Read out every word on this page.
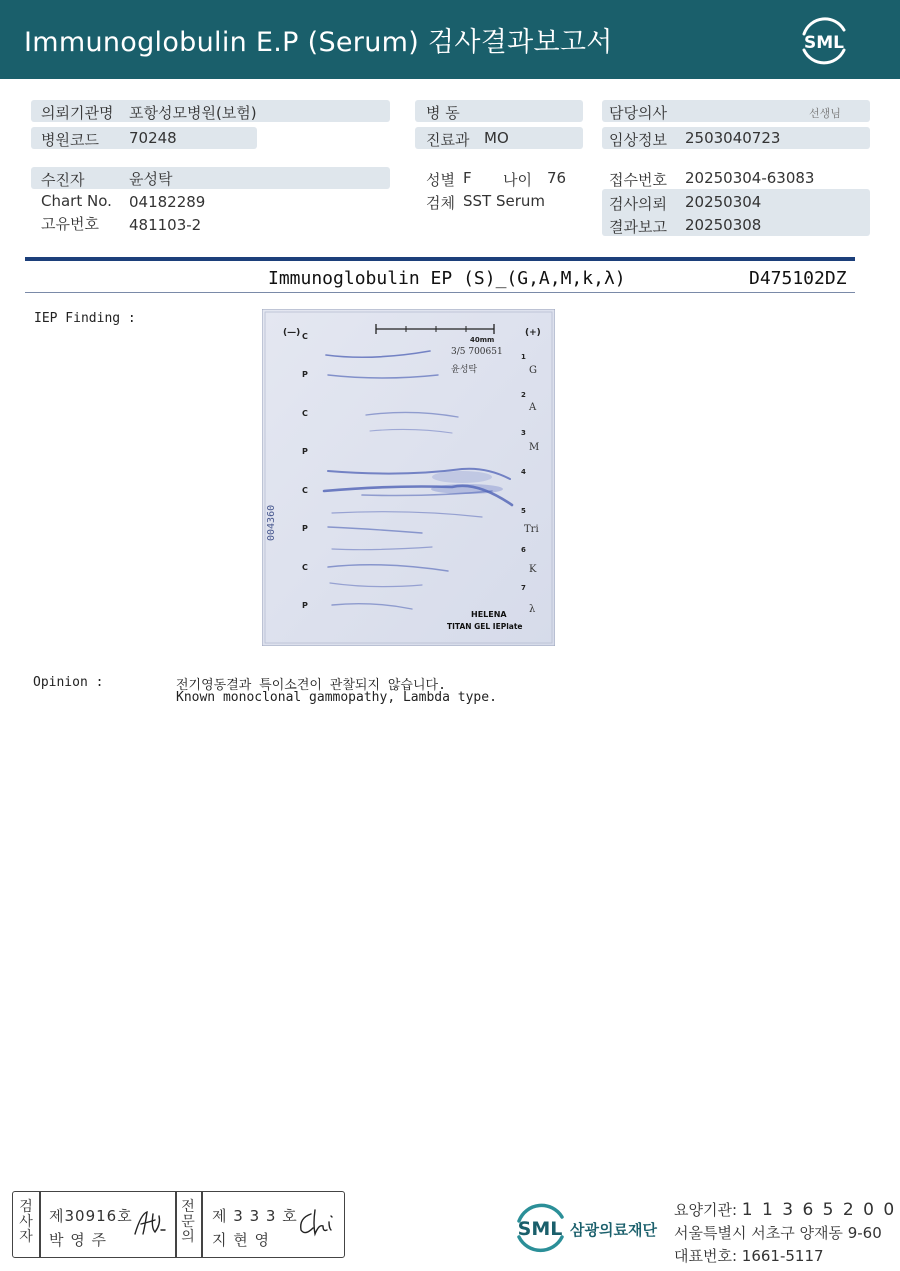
Immunoglobulin E.P (Serum) 검사결과보고서	SML
의뢰기관명 포항성모병원(보험)
병원코드 70248
수진자	윤성탁
Chart No. 04182289
고유번호 481103-2
병 동
진료과 MO
성별 F 나이 76
검체 SST Serum
담당의사	선생님
임상정보 2503040723
접수번호 20250304-63083
검사의뢰 20250304
결과보고 20250308
Immunoglobulin EP (S)_(G,A,M,k,λ)	D475102DZ
IEP Finding :
40mm
3/5 700651
윤성탁
(—)	(+)
C
P
C
P
C
P
C
P
1
G
2
A
3
M
4
5
Tri
6
K
7
λ
004360
HELENA
TITAN GEL IEPlate
Opinion :	전기영동결과 특이소견이 관찰되지 않습니다.
Known monoclonal gammopathy, Lambda type.
검
사
자
제30916호
박 영 주
전
문
의
제 3 3 3 호
지 현 영	SML 삼광의료재단
요양기관: 1 1 3 6 5 2 0 0
서울특별시 서초구 양재동 9-60
대표번호: 1661-5117
